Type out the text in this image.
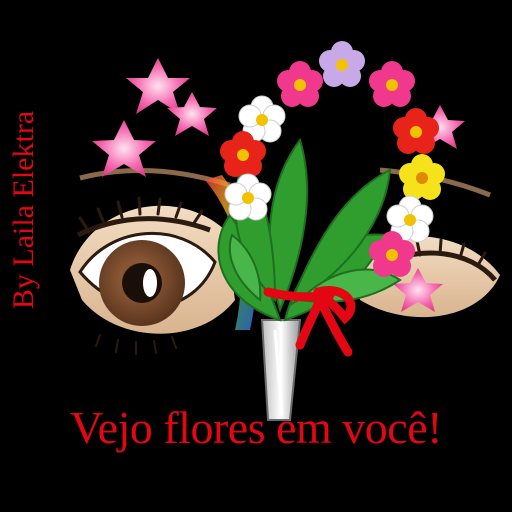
By Laila Elektra
Vejo flores em você!
